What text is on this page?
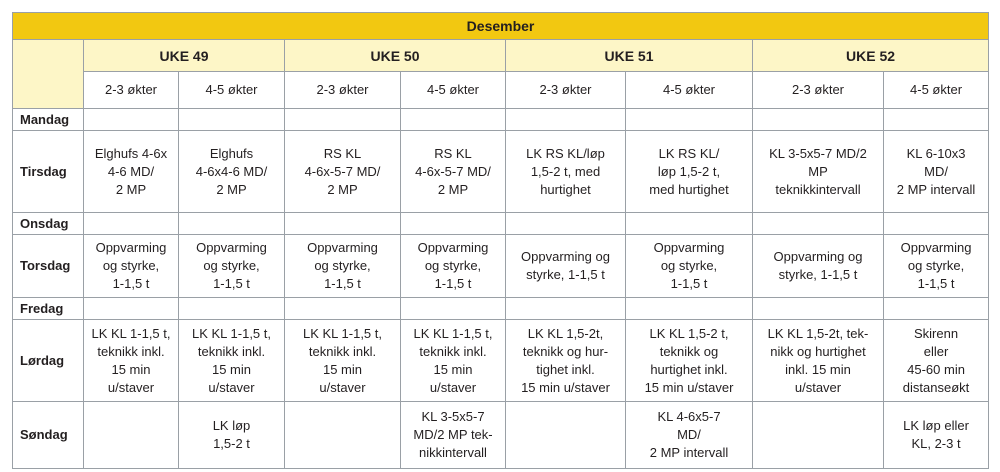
Desember								
	UKE 49		UKE 50		UKE 51		UKE 52	
	2-3 økter	4-5 økter	2-3 økter	4-5 økter	2-3 økter	4-5 økter	2-3 økter	4-5 økter
Mandag								
Tirsdag	Elghufs 4-6x
4-6 MD/
2 MP	Elghufs
4-6x4-6 MD/
2 MP	RS KL
4-6x-5-7 MD/
2 MP	RS KL
4-6x-5-7 MD/
2 MP	LK RS KL/løp
1,5-2 t, med
hurtighet	LK RS KL/
løp 1,5-2 t,
med hurtighet	KL 3-5x5-7 MD/2
MP
teknikkintervall	KL 6-10x3
MD/
2 MP intervall
Onsdag								
Torsdag	Oppvarming
og styrke,
1-1,5 t	Oppvarming
og styrke,
1-1,5 t	Oppvarming
og styrke,
1-1,5 t	Oppvarming
og styrke,
1-1,5 t	Oppvarming og
styrke, 1-1,5 t	Oppvarming
og styrke,
1-1,5 t	Oppvarming og
styrke, 1-1,5 t	Oppvarming
og styrke,
1-1,5 t
Fredag								
Lørdag	LK KL 1-1,5 t,
teknikk inkl.
15 min
u/staver	LK KL 1-1,5 t,
teknikk inkl.
15 min
u/staver	LK KL 1-1,5 t,
teknikk inkl.
15 min
u/staver	LK KL 1-1,5 t,
teknikk inkl.
15 min
u/staver	LK KL 1,5-2t,
teknikk og hur-
tighet inkl.
15 min u/staver	LK KL 1,5-2 t,
teknikk og
hurtighet inkl.
15 min u/staver	LK KL 1,5-2t, tek-
nikk og hurtighet
inkl. 15 min
u/staver	Skirenn
eller
45-60 min
distanseøkt
Søndag		LK løp
1,5-2 t		KL 3-5x5-7
MD/2 MP tek-
nikkintervall		KL 4-6x5-7
MD/
2 MP intervall		LK løp eller
KL, 2-3 t
